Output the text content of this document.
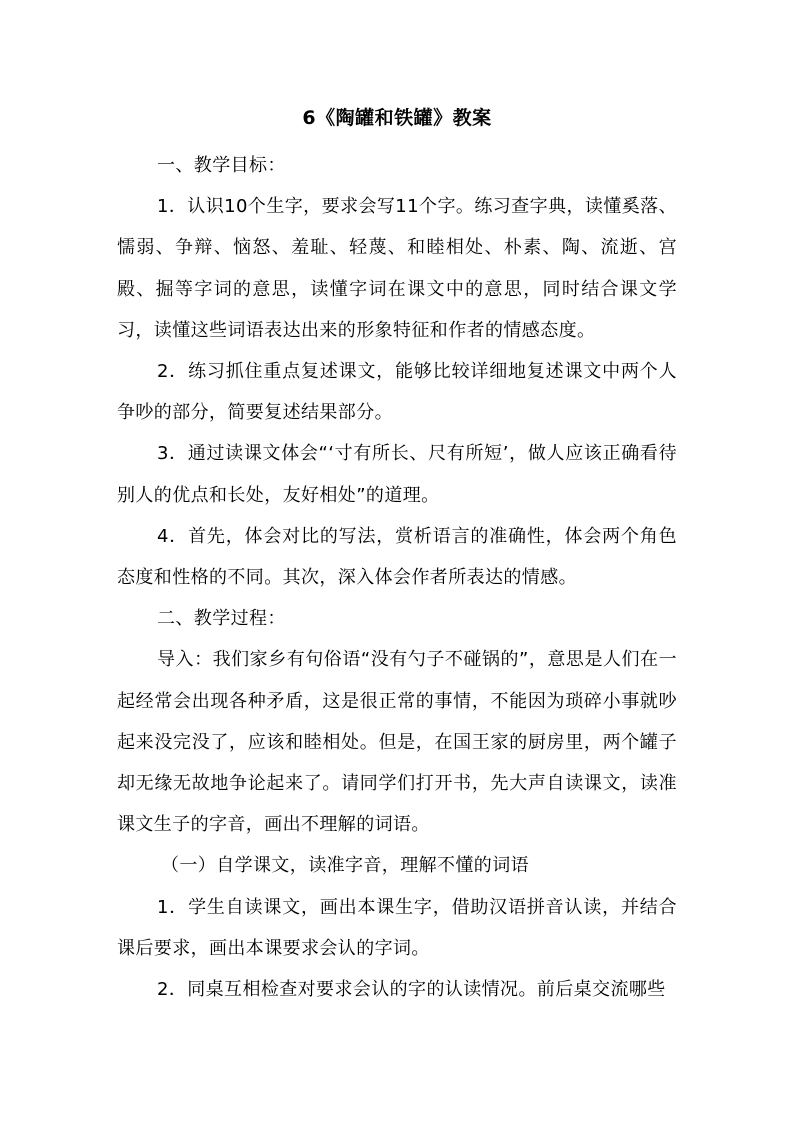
6《陶罐和铁罐》教案

一、教学目标：

1．认识10个生字，要求会写11个字。练习查字典，读懂奚落、懦弱、争辩、恼怒、羞耻、轻蔑、和睦相处、朴素、陶、流逝、宫殿、掘等字词的意思，读懂字词在课文中的意思，同时结合课文学习，读懂这些词语表达出来的形象特征和作者的情感态度。

2．练习抓住重点复述课文，能够比较详细地复述课文中两个人争吵的部分，简要复述结果部分。

3．通过读课文体会“‘寸有所长、尺有所短’，做人应该正确看待别人的优点和长处，友好相处”的道理。

4．首先，体会对比的写法，赏析语言的准确性，体会两个角色态度和性格的不同。其次，深入体会作者所表达的情感。

二、教学过程：

导入：我们家乡有句俗语“没有勺子不碰锅的”，意思是人们在一起经常会出现各种矛盾，这是很正常的事情，不能因为琐碎小事就吵起来没完没了，应该和睦相处。但是，在国王家的厨房里，两个罐子却无缘无故地争论起来了。请同学们打开书，先大声自读课文，读准课文生子的字音，画出不理解的词语。

（一）自学课文，读准字音，理解不懂的词语

1．学生自读课文，画出本课生字，借助汉语拼音认读，并结合课后要求，画出本课要求会认的字词。

2．同桌互相检查对要求会认的字的认读情况。前后桌交流哪些
